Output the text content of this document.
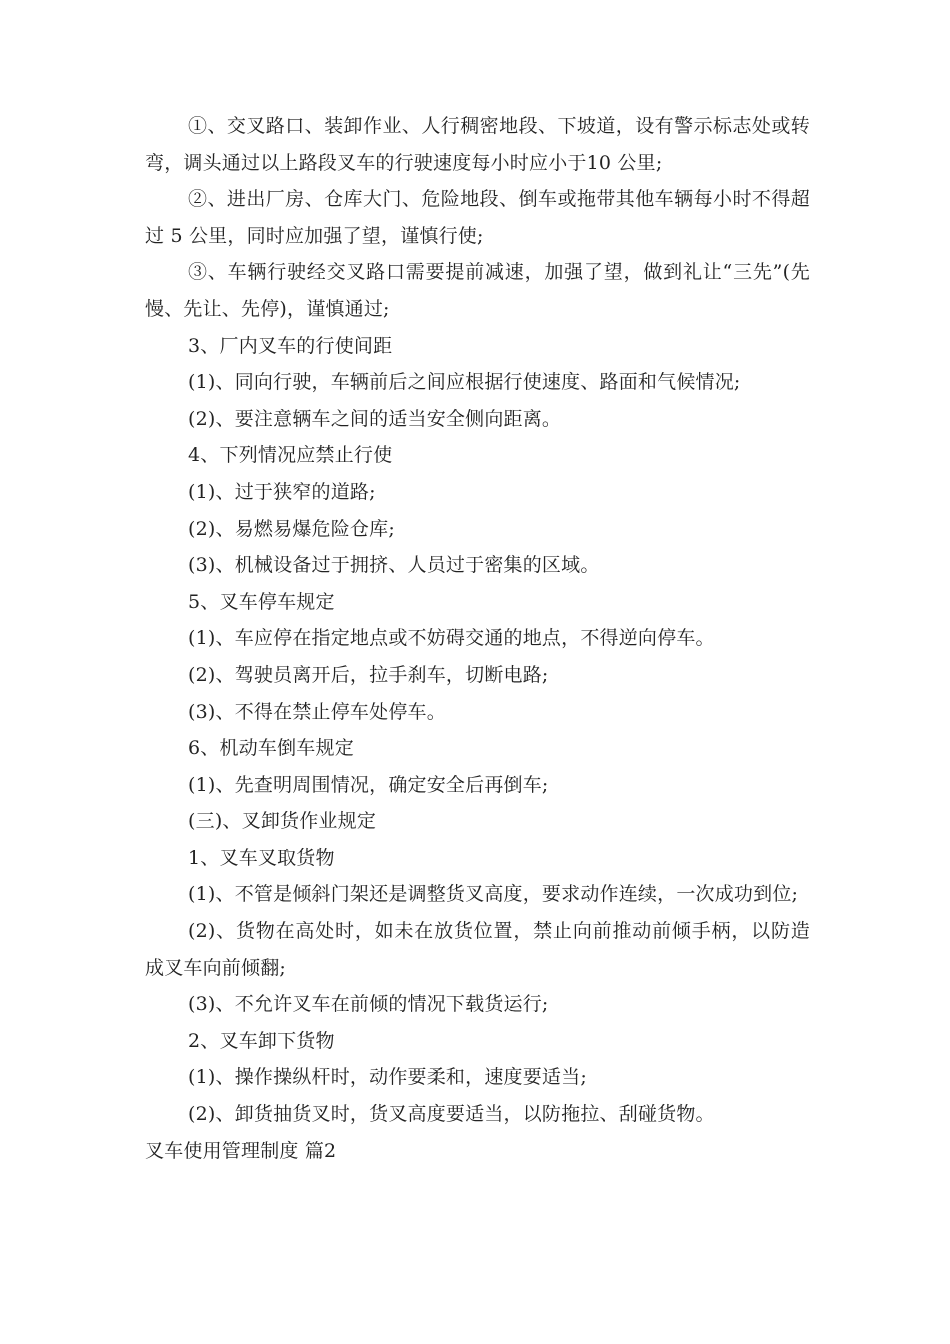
①、交叉路口、装卸作业、人行稠密地段、下坡道，设有警示标志处或转弯，调头通过以上路段叉车的行驶速度每小时应小于10 公里;

②、进出厂房、仓库大门、危险地段、倒车或拖带其他车辆每小时不得超过 5 公里，同时应加强了望，谨慎行使;

③、车辆行驶经交叉路口需要提前减速，加强了望，做到礼让“三先”(先慢、先让、先停)，谨慎通过;

3、厂内叉车的行使间距

(1)、同向行驶，车辆前后之间应根据行使速度、路面和气候情况;

(2)、要注意辆车之间的适当安全侧向距离。

4、下列情况应禁止行使

(1)、过于狭窄的道路;

(2)、易燃易爆危险仓库;

(3)、机械设备过于拥挤、人员过于密集的区域。

5、叉车停车规定

(1)、车应停在指定地点或不妨碍交通的地点，不得逆向停车。

(2)、驾驶员离开后，拉手刹车，切断电路;

(3)、不得在禁止停车处停车。

6、机动车倒车规定

(1)、先查明周围情况，确定安全后再倒车;

(三)、叉卸货作业规定

1、叉车叉取货物

(1)、不管是倾斜门架还是调整货叉高度，要求动作连续，一次成功到位;

(2)、货物在高处时，如未在放货位置，禁止向前推动前倾手柄，以防造成叉车向前倾翻;

(3)、不允许叉车在前倾的情况下载货运行;

2、叉车卸下货物

(1)、操作操纵杆时，动作要柔和，速度要适当;

(2)、卸货抽货叉时，货叉高度要适当，以防拖拉、刮碰货物。

叉车使用管理制度 篇2
